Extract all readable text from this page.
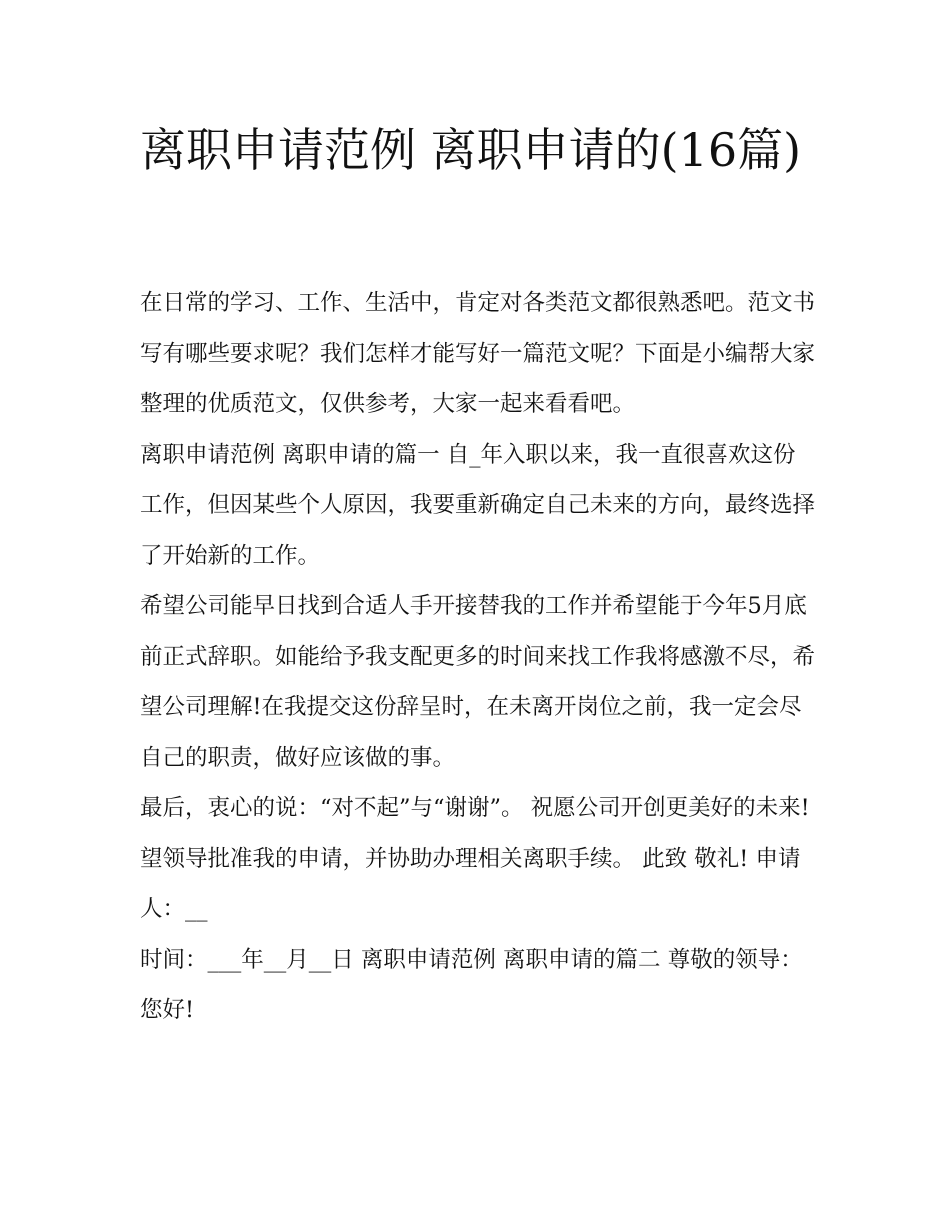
离职申请范例 离职申请的(16篇)

在日常的学习、工作、生活中，肯定对各类范文都很熟悉吧。范文书写有哪些要求呢？我们怎样才能写好一篇范文呢？下面是小编帮大家整理的优质范文，仅供参考，大家一起来看看吧。

离职申请范例 离职申请的篇一 自_年入职以来，我一直很喜欢这份工作，但因某些个人原因，我要重新确定自己未来的方向，最终选择了开始新的工作。

希望公司能早日找到合适人手开接替我的工作并希望能于今年5月底前正式辞职。如能给予我支配更多的时间来找工作我将感激不尽，希望公司理解!在我提交这份辞呈时，在未离开岗位之前，我一定会尽自己的职责，做好应该做的事。

最后，衷心的说：“对不起”与“谢谢”。 祝愿公司开创更美好的未来! 望领导批准我的申请，并协助办理相关离职手续。 此致 敬礼! 申请人：__

时间：___年__月__日 离职申请范例 离职申请的篇二 尊敬的领导： 您好!
